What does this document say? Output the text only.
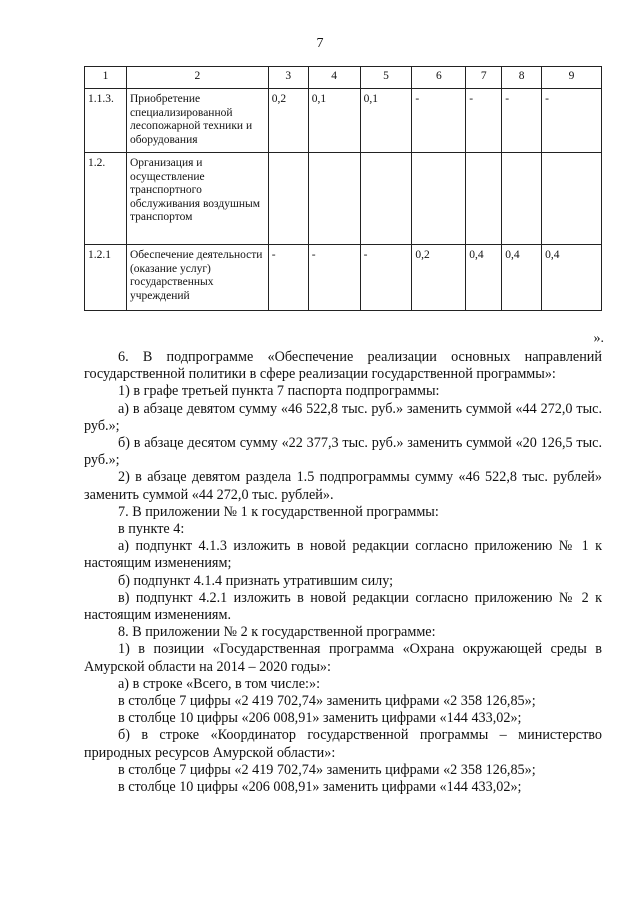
7
1	2	3	4	5	6	7	8	9
1.1.3.	Приобретение специализированной лесопожарной техники и оборудования	0,2	0,1	0,1	-	-	-	-
1.2.	Организация и осуществление транспортного обслуживания воздушным транспортом							
1.2.1	Обеспечение деятельности (оказание услуг) государственных учреждений	-	-	-	0,2	0,4	0,4	0,4
».

6. В подпрограмме «Обеспечение реализации основных направлений государственной политики в сфере реализации государственной программы»:

1) в графе третьей пункта 7 паспорта подпрограммы:

а) в абзаце девятом сумму «46 522,8 тыс. руб.» заменить суммой «44 272,0 тыс. руб.»;

б) в абзаце десятом сумму «22 377,3 тыс. руб.» заменить суммой «20 126,5 тыс. руб.»;

2) в абзаце девятом раздела 1.5 подпрограммы сумму «46 522,8 тыс. рублей» заменить суммой «44 272,0 тыс. рублей».

7. В приложении № 1 к государственной программы:

в пункте 4:

а) подпункт 4.1.3 изложить в новой редакции согласно приложению № 1 к настоящим изменениям;

б) подпункт 4.1.4 признать утратившим силу;

в) подпункт 4.2.1 изложить в новой редакции согласно приложению № 2 к настоящим изменениям.

8. В приложении № 2 к государственной программе:

1) в позиции «Государственная программа «Охрана окружающей среды в Амурской области на 2014 – 2020 годы»:

а) в строке «Всего, в том числе:»:

в столбце 7 цифры «2 419 702,74» заменить цифрами «2 358 126,85»;

в столбце 10 цифры «206 008,91» заменить цифрами «144 433,02»;

б) в строке «Координатор государственной программы – министерство природных ресурсов Амурской области»:

в столбце 7 цифры «2 419 702,74» заменить цифрами «2 358 126,85»;

в столбце 10 цифры «206 008,91» заменить цифрами «144 433,02»;
